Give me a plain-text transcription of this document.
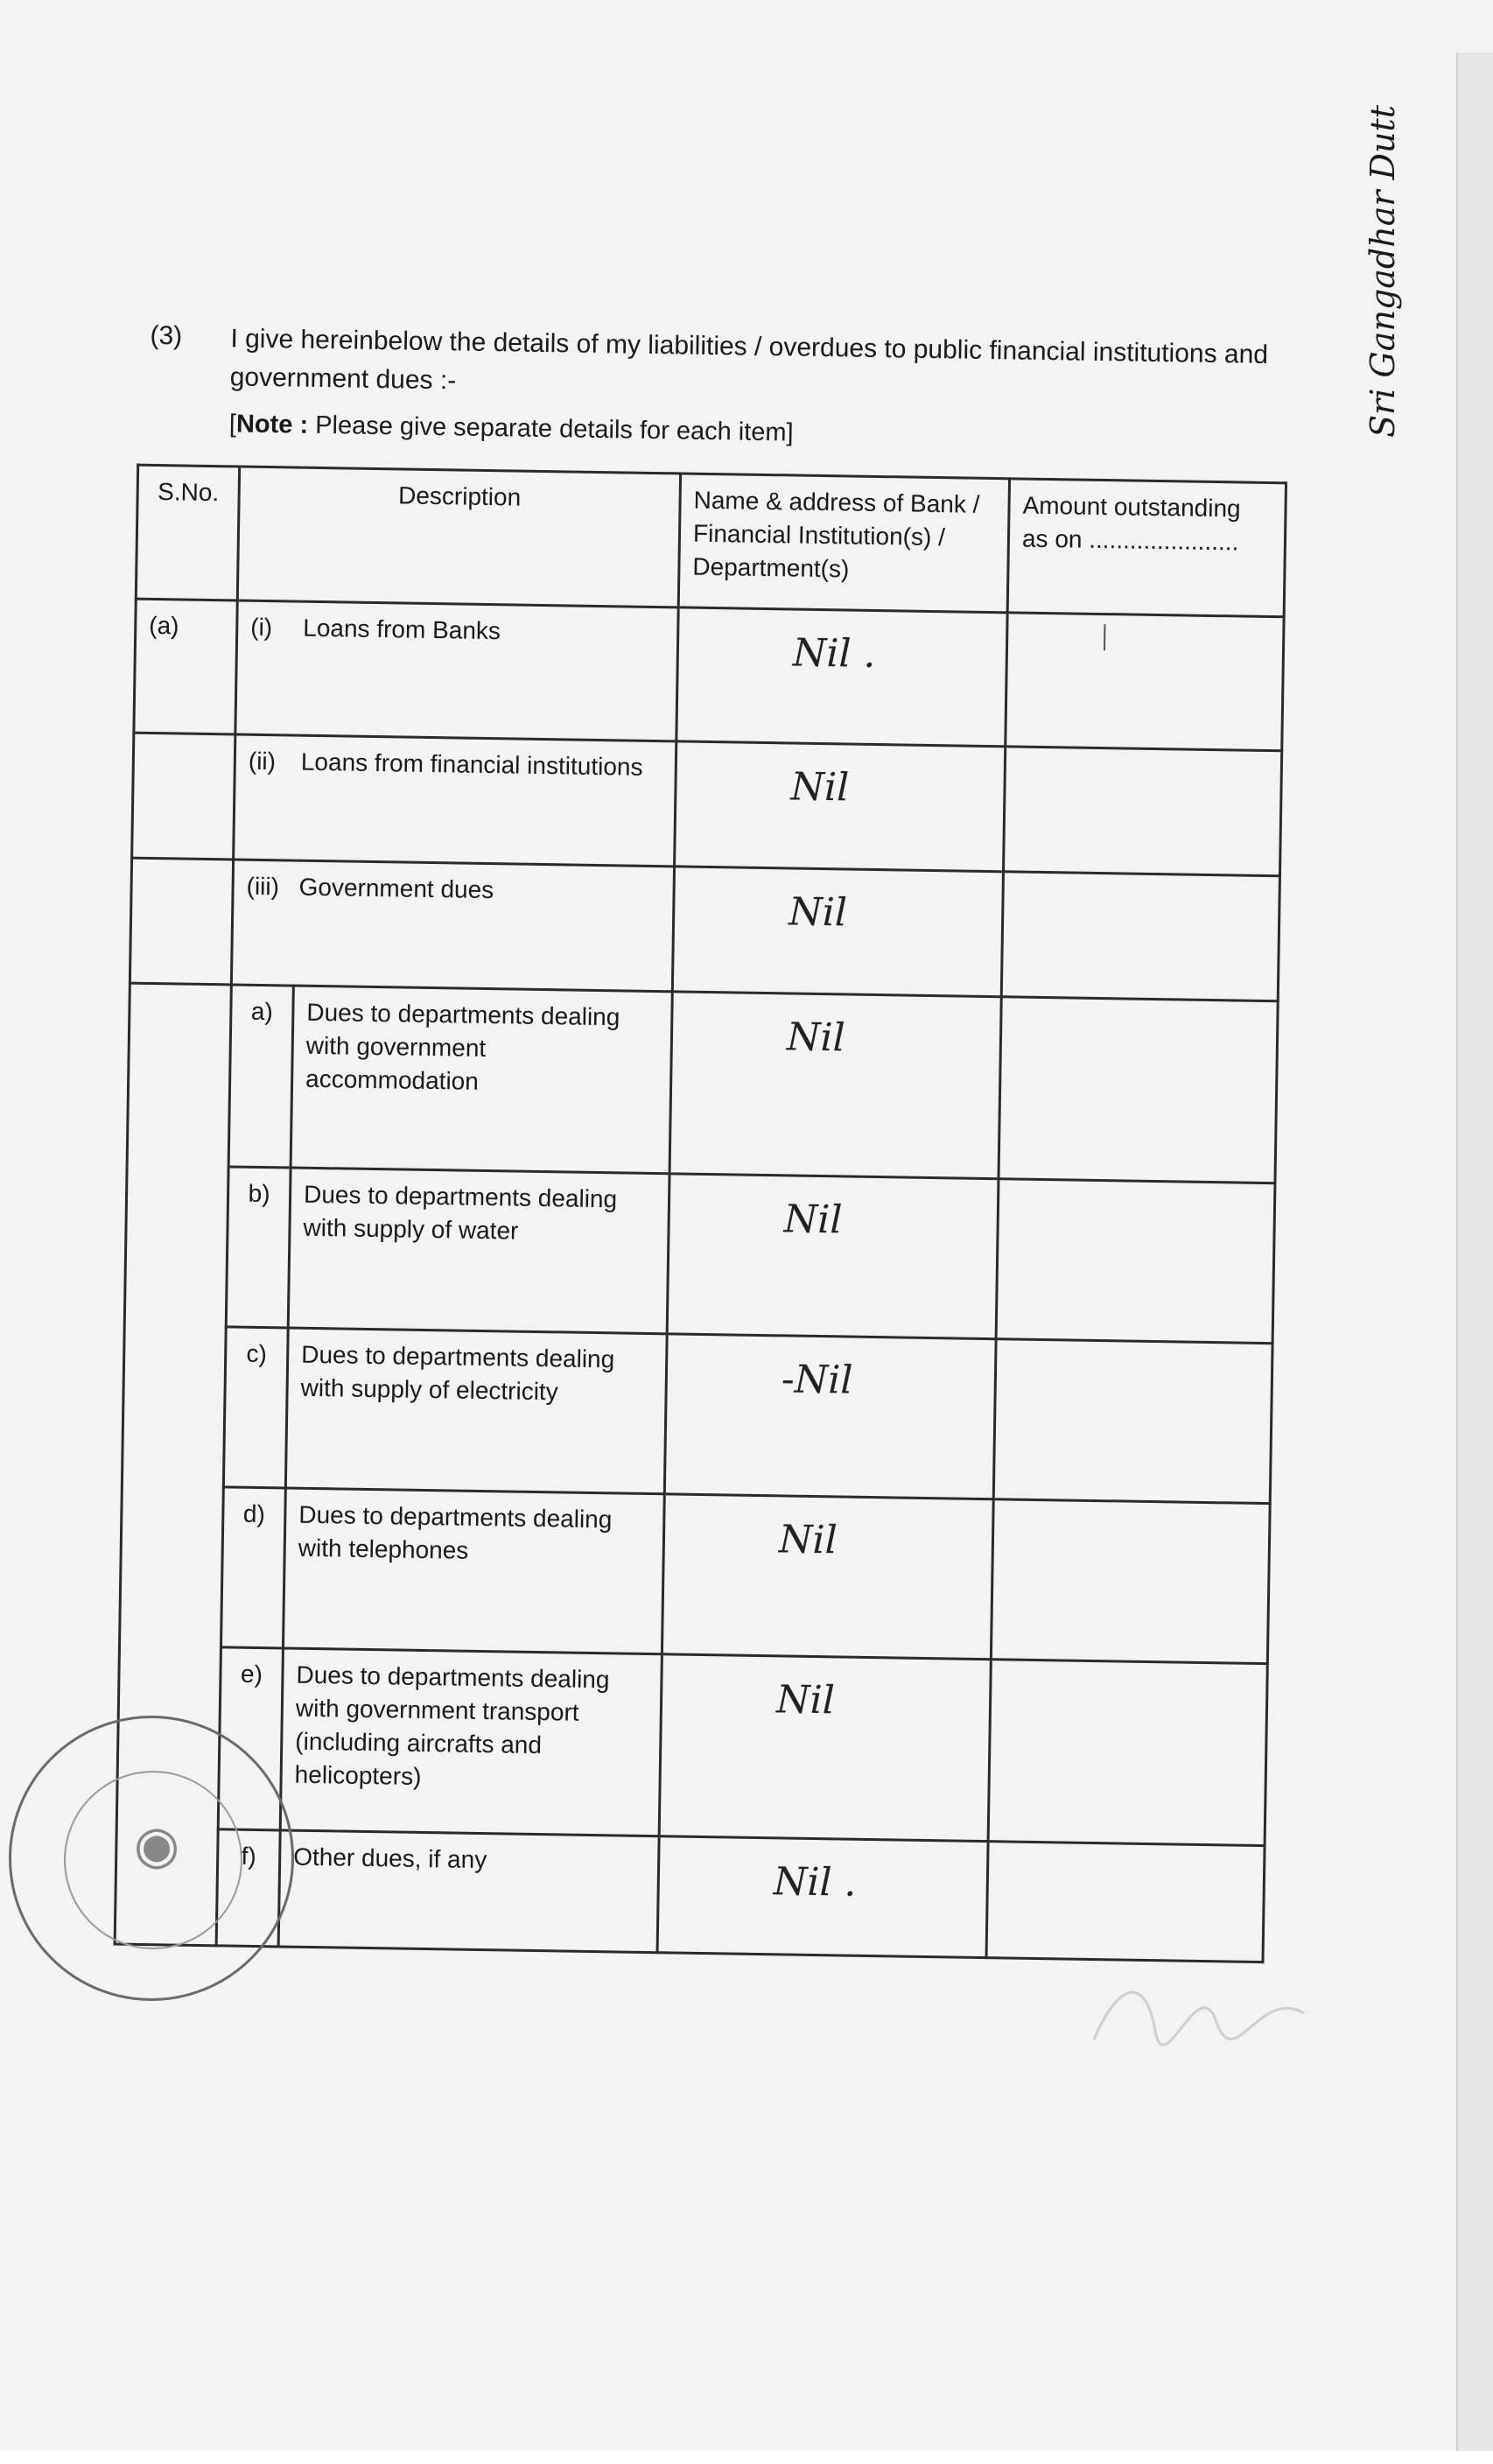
(3) I give hereinbelow the details of my liabilities / overdues to public financial institutions and government dues :-
[Note : Please give separate details for each item]
S.No.	Description		Name & address of Bank / Financial Institution(s) / Department(s)	Amount outstanding as on ......................
(a)	(i) Loans from Banks		Nil .	

	(ii) Loans from financial institutions		Nil	

	(iii) Government dues		Nil	
	a)	Dues to departments dealing with government accommodation	Nil	
	b)	Dues to departments dealing with supply of water	Nil	
	c)	Dues to departments dealing with supply of electricity	-Nil	
	d)	Dues to departments dealing with telephones	Nil	
	e)	Dues to departments dealing with government transport (including aircrafts and helicopters)	Nil	
	f)	Other dues, if any	Nil .	
Sri Gangadhar Dutt
◉
